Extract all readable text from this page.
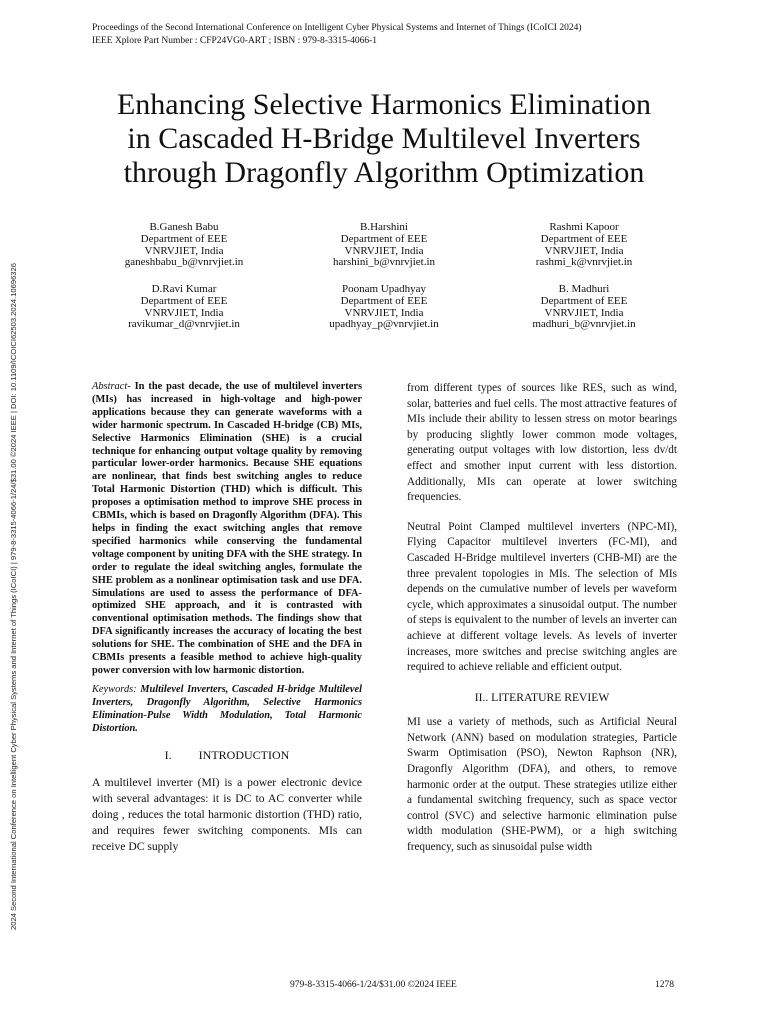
Proceedings of the Second International Conference on Intelligent Cyber Physical Systems and Internet of Things (ICoICI 2024)
IEEE Xplore Part Number : CFP24VG0-ART ; ISBN : 979-8-3315-4066-1
2024 Second International Conference on Intelligent Cyber Physical Systems and Internet of Things (ICoICI) | 979-8-3315-4066-1/24/$31.00 ©2024 IEEE | DOI: 10.1109/ICOICI62503.2024.10696326
Enhancing Selective Harmonics Elimination
in Cascaded H-Bridge Multilevel Inverters
through Dragonfly Algorithm Optimization
B.Ganesh Babu
Department of EEE
VNRVJIET, India
ganeshbabu_b@vnrvjiet.in
B.Harshini
Department of EEE
VNRVJIET, India
harshini_b@vnrvjiet.in
Rashmi Kapoor
Department of EEE
VNRVJIET, India
rashmi_k@vnrvjiet.in
D.Ravi Kumar
Department of EEE
VNRVJIET, India
ravikumar_d@vnrvjiet.in
Poonam Upadhyay
Department of EEE
VNRVJIET, India
upadhyay_p@vnrvjiet.in
B. Madhuri
Department of EEE
VNRVJIET, India
madhuri_b@vnrvjiet.in

Abstract- In the past decade, the use of multilevel inverters (MIs) has increased in high-voltage and high-power applications because they can generate waveforms with a wider harmonic spectrum. In Cascaded H-bridge (CB) MIs, Selective Harmonics Elimination (SHE) is a crucial technique for enhancing output voltage quality by removing particular lower-order harmonics. Because SHE equations are nonlinear, that finds best switching angles to reduce Total Harmonic Distortion (THD) which is difficult. This proposes a optimisation method to improve SHE process in CBMIs, which is based on Dragonfly Algorithm (DFA). This helps in finding the exact switching angles that remove specified harmonics while conserving the fundamental voltage component by uniting DFA with the SHE strategy. In order to regulate the ideal switching angles, formulate the SHE problem as a nonlinear optimisation task and use DFA. Simulations are used to assess the performance of DFA-optimized SHE approach, and it is contrasted with conventional optimisation methods. The findings show that DFA significantly increases the accuracy of locating the best solutions for SHE. The combination of SHE and the DFA in CBMIs presents a feasible method to achieve high-quality power conversion with low harmonic distortion.

Keywords: Multilevel Inverters, Cascaded H-bridge Multilevel Inverters, Dragonfly Algorithm, Selective Harmonics Elimination-Pulse Width Modulation, Total Harmonic Distortion.

I. INTRODUCTION

A multilevel inverter (MI) is a power electronic device with several advantages: it is DC to AC converter while doing , reduces the total harmonic distortion (THD) ratio, and requires fewer switching components. MIs can receive DC supply

from different types of sources like RES, such as wind, solar, batteries and fuel cells. The most attractive features of MIs include their ability to lessen stress on motor bearings by producing slightly lower common mode voltages, generating output voltages with low distortion, less dv/dt effect and smother input current with less distortion. Additionally, MIs can operate at lower switching frequencies.

Neutral Point Clamped multilevel inverters (NPC-MI), Flying Capacitor multilevel inverters (FC-MI), and Cascaded H-Bridge multilevel inverters (CHB-MI) are the three prevalent topologies in MIs. The selection of MIs depends on the cumulative number of levels per waveform cycle, which approximates a sinusoidal output. The number of steps is equivalent to the number of levels an inverter can achieve at different voltage levels. As levels of inverter increases, more switches and precise switching angles are required to achieve reliable and efficient output.

II.. LITERATURE REVIEW

MI use a variety of methods, such as Artificial Neural Network (ANN) based on modulation strategies, Particle Swarm Optimisation (PSO), Newton Raphson (NR), Dragonfly Algorithm (DFA), and others, to remove harmonic order at the output. These strategies utilize either a fundamental switching frequency, such as space vector control (SVC) and selective harmonic elimination pulse width modulation (SHE-PWM), or a high switching frequency, such as sinusoidal pulse width

979-8-3315-4066-1/24/$31.00 ©2024 IEEE	1278
